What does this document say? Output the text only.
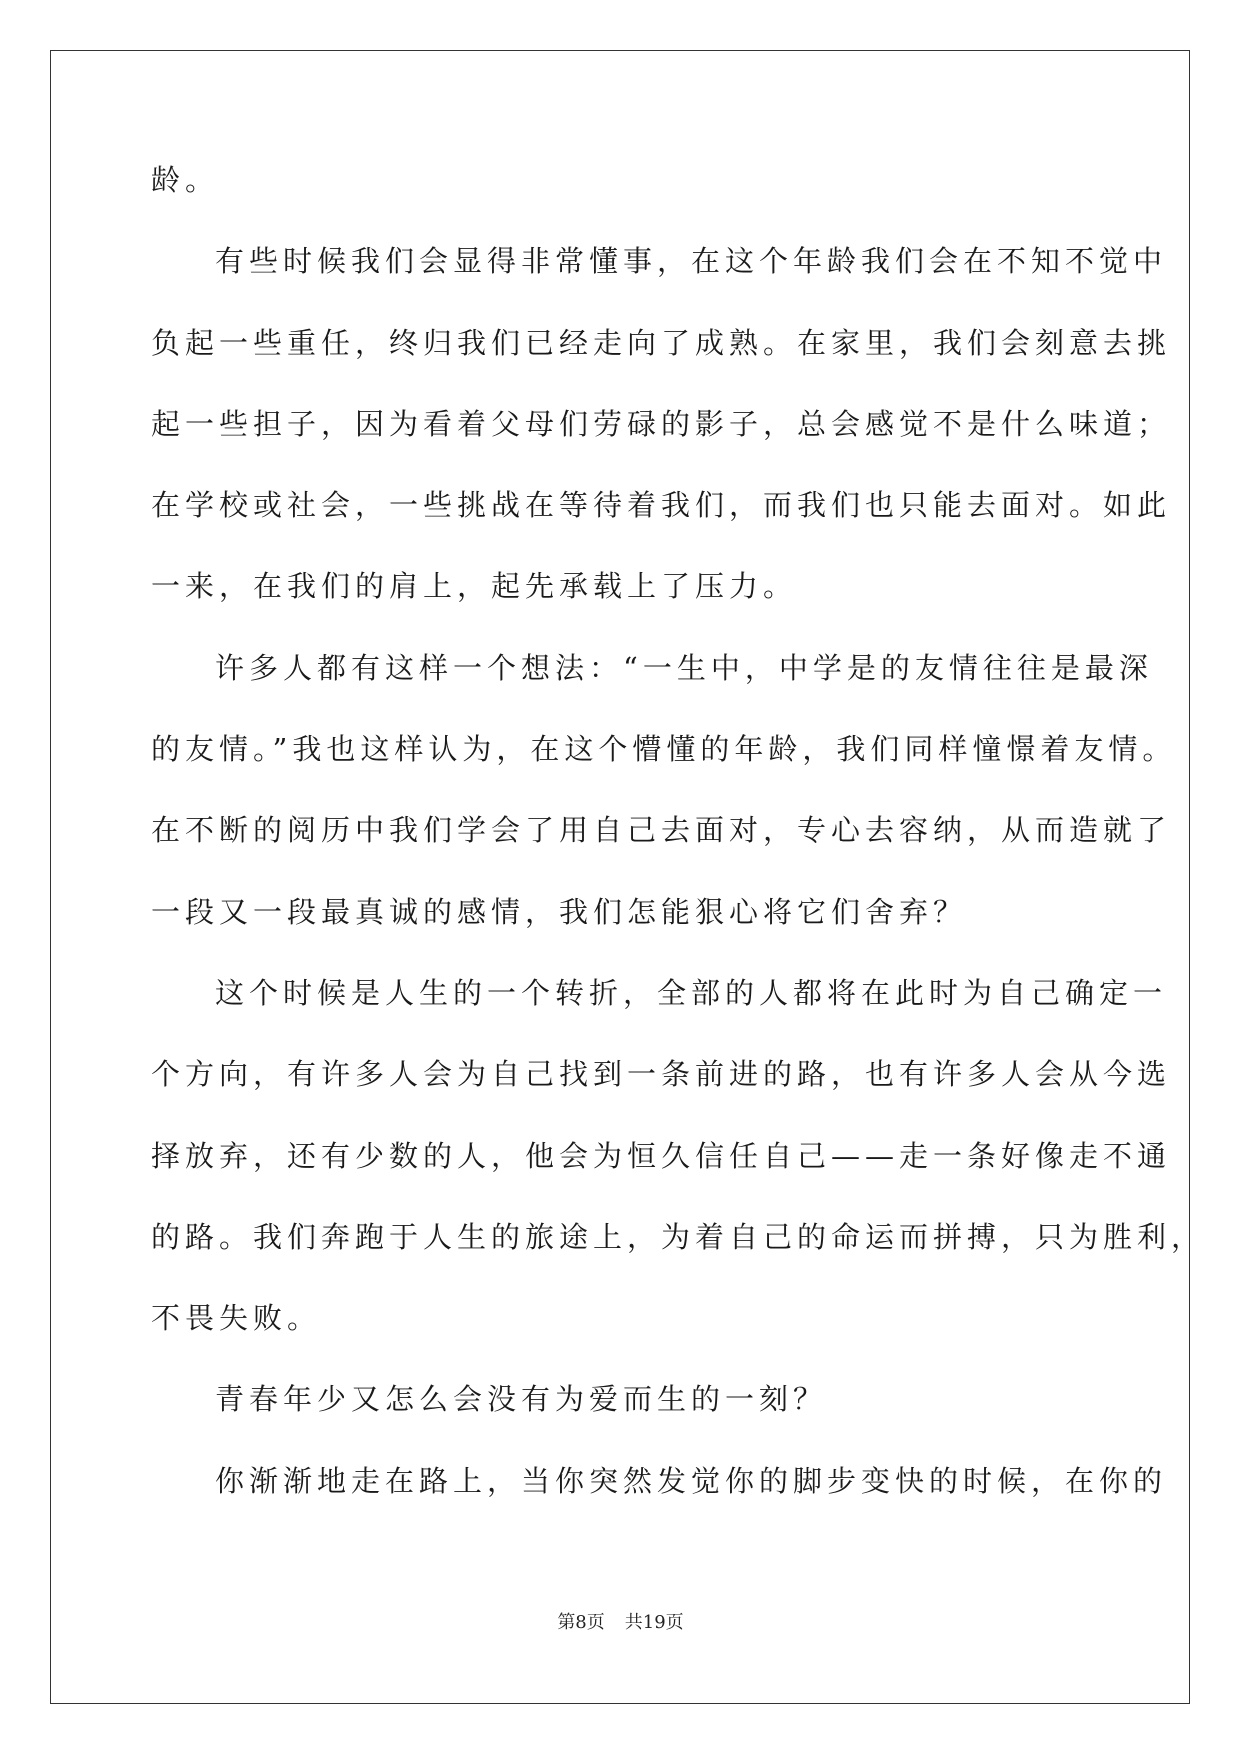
龄。
有些时候我们会显得非常懂事，在这个年龄我们会在不知不觉中
负起一些重任，终归我们已经走向了成熟。在家里，我们会刻意去挑
起一些担子，因为看着父母们劳碌的影子，总会感觉不是什么味道；
在学校或社会，一些挑战在等待着我们，而我们也只能去面对。如此
一来，在我们的肩上，起先承载上了压力。
许多人都有这样一个想法：“一生中，中学是的友情往往是最深
的友情。”我也这样认为，在这个懵懂的年龄，我们同样憧憬着友情。
在不断的阅历中我们学会了用自己去面对，专心去容纳，从而造就了
一段又一段最真诚的感情，我们怎能狠心将它们舍弃？
这个时候是人生的一个转折，全部的人都将在此时为自己确定一
个方向，有许多人会为自己找到一条前进的路，也有许多人会从今选
择放弃，还有少数的人，他会为恒久信任自己——走一条好像走不通
的路。我们奔跑于人生的旅途上，为着自己的命运而拼搏，只为胜利，
不畏失败。
青春年少又怎么会没有为爱而生的一刻？
你渐渐地走在路上，当你突然发觉你的脚步变快的时候，在你的
第8页 共19页
